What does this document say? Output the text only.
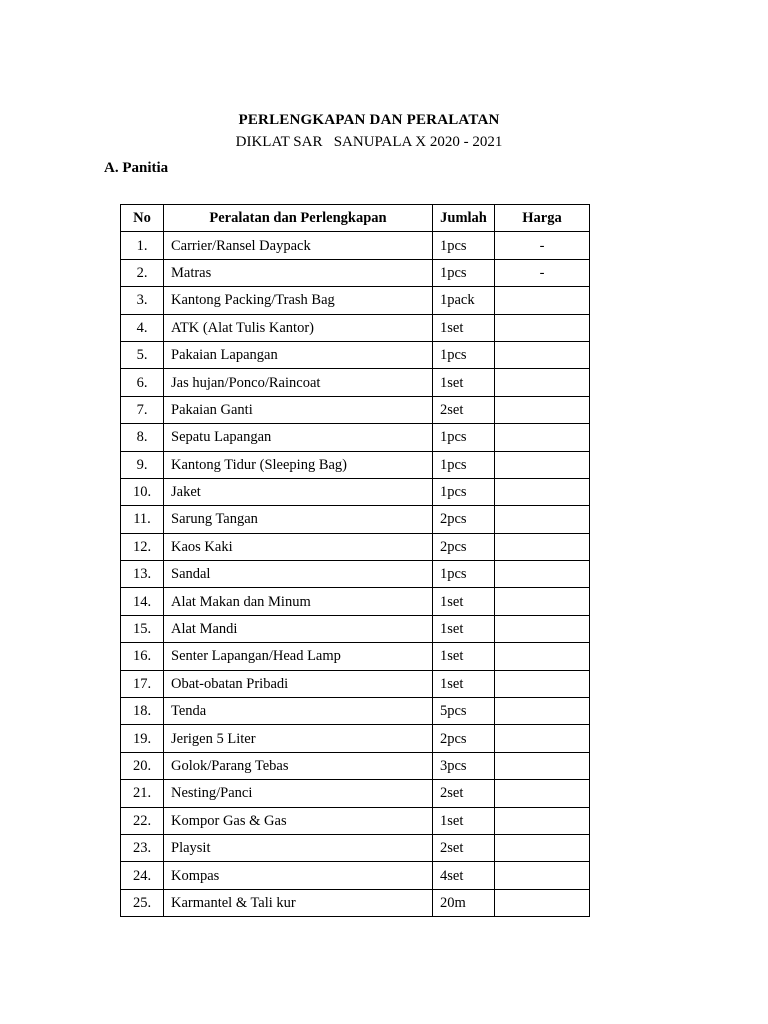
PERLENGKAPAN DAN PERALATAN
DIKLAT SAR   SANUPALA X 2020 - 2021
A. Panitia
No	Peralatan dan Perlengkapan	Jumlah	Harga
1.	Carrier/Ransel Daypack	1pcs	-
2.	Matras	1pcs	-
3.	Kantong Packing/Trash Bag	1pack	
4.	ATK (Alat Tulis Kantor)	1set	
5.	Pakaian Lapangan	1pcs	
6.	Jas hujan/Ponco/Raincoat	1set	
7.	Pakaian Ganti	2set	
8.	Sepatu Lapangan	1pcs	
9.	Kantong Tidur (Sleeping Bag)	1pcs	
10.	Jaket	1pcs	
11.	Sarung Tangan	2pcs	
12.	Kaos Kaki	2pcs	
13.	Sandal	1pcs	
14.	Alat Makan dan Minum	1set	
15.	Alat Mandi	1set	
16.	Senter Lapangan/Head Lamp	1set	
17.	Obat-obatan Pribadi	1set	
18.	Tenda	5pcs	
19.	Jerigen 5 Liter	2pcs	
20.	Golok/Parang Tebas	3pcs	
21.	Nesting/Panci	2set	
22.	Kompor Gas & Gas	1set	
23.	Playsit	2set	
24.	Kompas	4set	
25.	Karmantel & Tali kur	20m	
